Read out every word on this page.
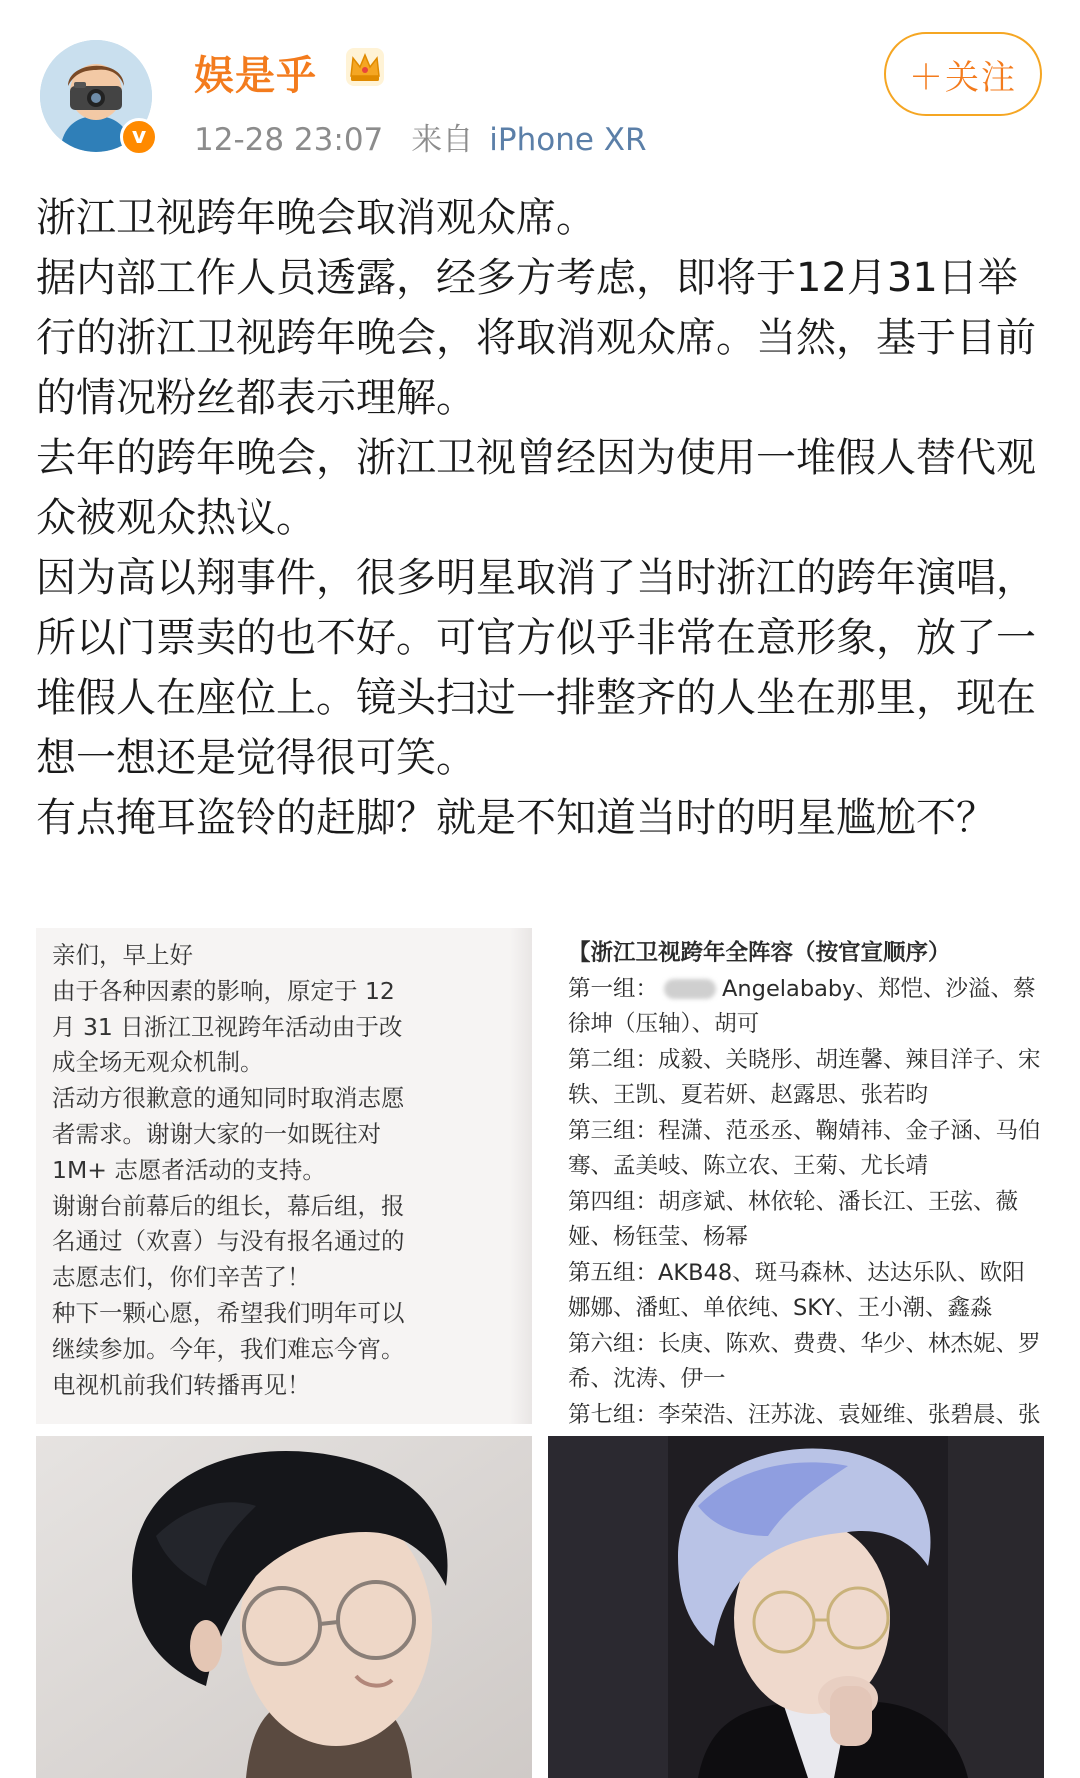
v
娱是乎
12-28 23:07 来自 iPhone XR
＋关注

浙江卫视跨年晚会取消观众席。

据内部工作人员透露，经多方考虑，即将于12月31日举行的浙江卫视跨年晚会，将取消观众席。当然，基于目前的情况粉丝都表示理解。

去年的跨年晚会，浙江卫视曾经因为使用一堆假人替代观众被观众热议。

因为高以翔事件，很多明星取消了当时浙江的跨年演唱，所以门票卖的也不好。可官方似乎非常在意形象，放了一堆假人在座位上。镜头扫过一排整齐的人坐在那里，现在想一想还是觉得很可笑。

有点掩耳盗铃的赶脚？就是不知道当时的明星尴尬不？

亲们，早上好
由于各种因素的影响，原定于 12
月 31 日浙江卫视跨年活动由于改
成全场无观众机制。
活动方很歉意的通知同时取消志愿
者需求。谢谢大家的一如既往对
1M+ 志愿者活动的支持。
谢谢台前幕后的组长，幕后组，报
名通过（欢喜）与没有报名通过的
志愿志们，你们辛苦了！
种下一颗心愿，希望我们明年可以
继续参加。今年，我们难忘今宵。
电视机前我们转播再见！
【浙江卫视跨年全阵容（按官宣顺序）
第一组：	Angelababy、郑恺、沙溢、蔡
徐坤（压轴）、胡可
第二组：成毅、关晓彤、胡连馨、辣目洋子、宋
轶、王凯、夏若妍、赵露思、张若昀
第三组：程潇、范丞丞、鞠婧祎、金子涵、马伯
骞、孟美岐、陈立农、王菊、尤长靖
第四组：胡彦斌、林依轮、潘长江、王弦、薇
娅、杨钰莹、杨幂
第五组：AKB48、斑马森林、达达乐队、欧阳
娜娜、潘虹、单依纯、SKY、王小潮、鑫淼
第六组：长庚、陈欢、费费、华少、林杰妮、罗
希、沈涛、伊一
第七组：李荣浩、汪苏泷、袁娅维、张碧晨、张
